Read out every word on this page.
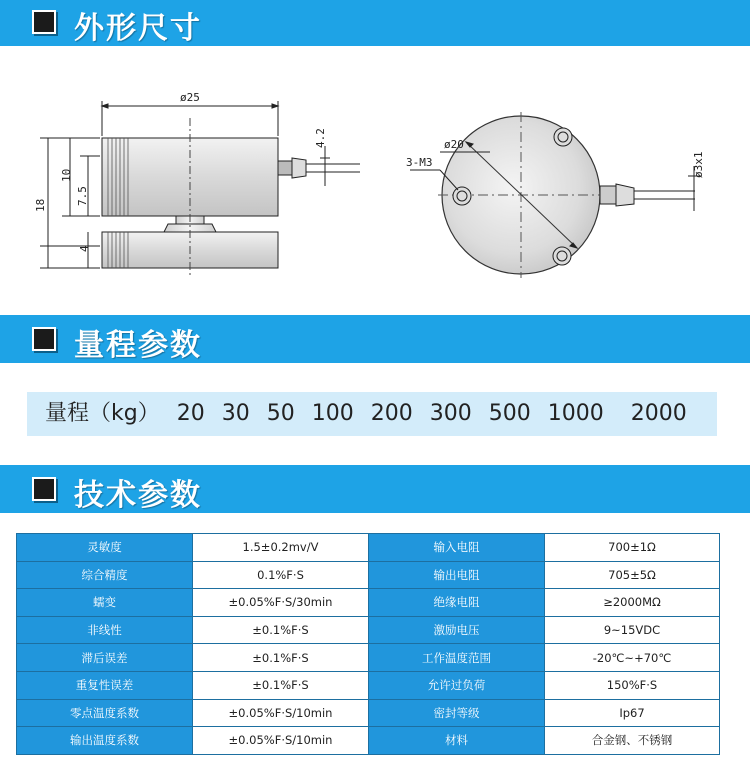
外形尺寸
ø25
18
10
7.5
4
4.2	ø20
3-M3	ø3x1
量程参数
量程（kg） 20 30 50 100 200 300 500 1000 2000
技术参数
灵敏度	1.5±0.2mv/V	输入电阻	700±1Ω
综合精度	0.1%F·S	输出电阻	705±5Ω
蠕变	±0.05%F·S/30min	绝缘电阻	≥2000MΩ
非线性	±0.1%F·S	激励电压	9~15VDC
滞后误差	±0.1%F·S	工作温度范围	-20℃~+70℃
重复性误差	±0.1%F·S	允许过负荷	150%F·S
零点温度系数	±0.05%F·S/10min	密封等级	Ip67
输出温度系数	±0.05%F·S/10min	材料	合金钢、不锈钢
